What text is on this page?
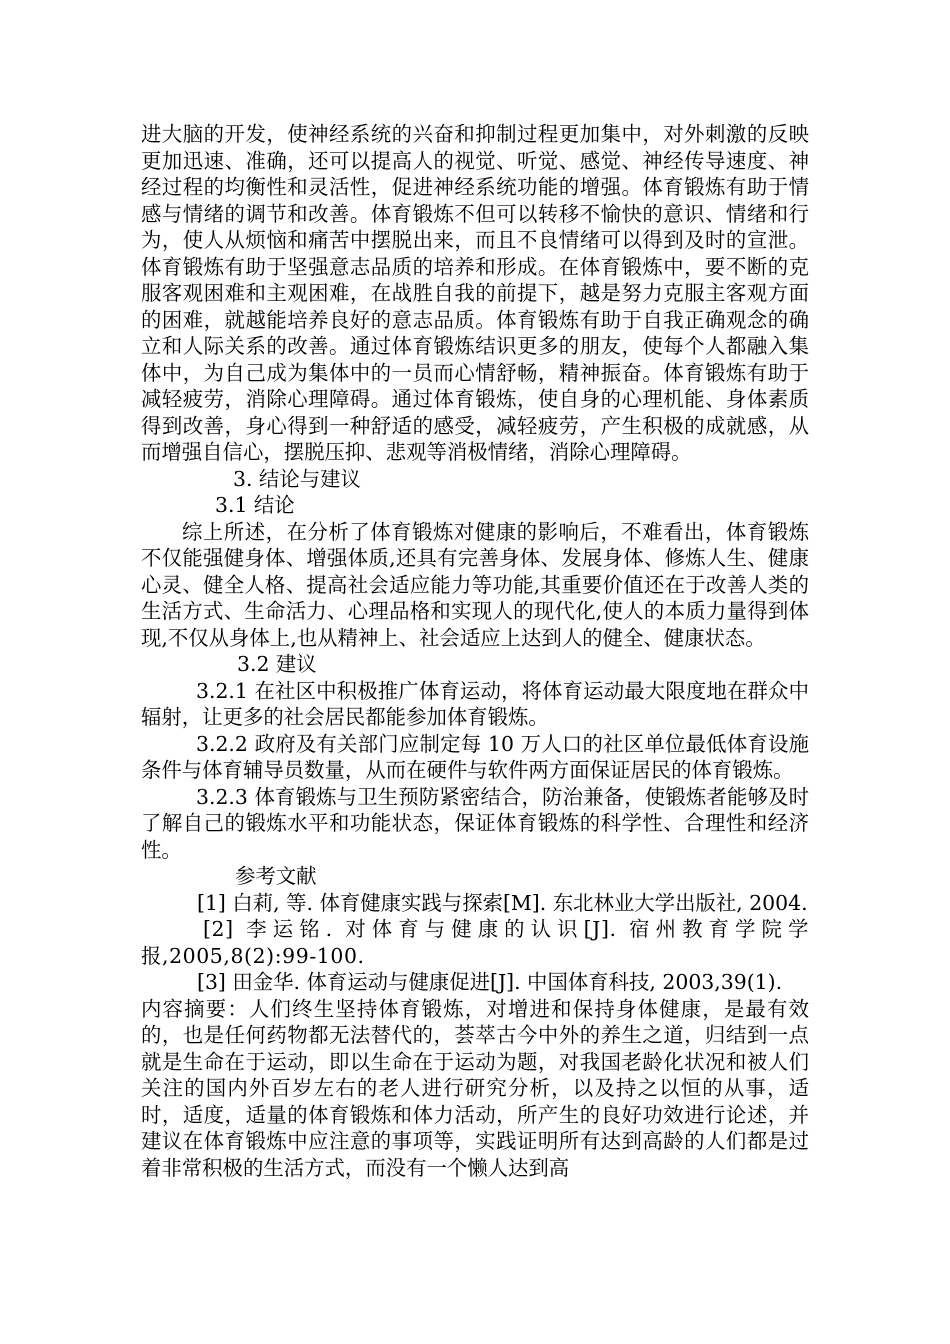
进大脑的开发，使神经系统的兴奋和抑制过程更加集中，对外刺激的反映更加迅速、准确，还可以提高人的视觉、听觉、感觉、神经传导速度、神经过程的均衡性和灵活性，促进神经系统功能的增强。体育锻炼有助于情感与情绪的调节和改善。体育锻炼不但可以转移不愉快的意识、情绪和行为，使人从烦恼和痛苦中摆脱出来，而且不良情绪可以得到及时的宣泄。体育锻炼有助于坚强意志品质的培养和形成。在体育锻炼中，要不断的克服客观困难和主观困难，在战胜自我的前提下，越是努力克服主客观方面的困难，就越能培养良好的意志品质。体育锻炼有助于自我正确观念的确立和人际关系的改善。通过体育锻炼结识更多的朋友，使每个人都融入集体中，为自己成为集体中的一员而心情舒畅，精神振奋。体育锻炼有助于减轻疲劳，消除心理障碍。通过体育锻炼，使自身的心理机能、身体素质得到改善，身心得到一种舒适的感受，减轻疲劳，产生积极的成就感，从而增强自信心，摆脱压抑、悲观等消极情绪，消除心理障碍。

3. 结论与建议

3.1 结论

综上所述，在分析了体育锻炼对健康的影响后，不难看出，体育锻炼不仅能强健身体、增强体质,还具有完善身体、发展身体、修炼人生、健康心灵、健全人格、提高社会适应能力等功能,其重要价值还在于改善人类的生活方式、生命活力、心理品格和实现人的现代化,使人的本质力量得到体现,不仅从身体上,也从精神上、社会适应上达到人的健全、健康状态。

3.2 建议

3.2.1 在社区中积极推广体育运动，将体育运动最大限度地在群众中辐射，让更多的社会居民都能参加体育锻炼。

3.2.2 政府及有关部门应制定每 10 万人口的社区单位最低体育设施条件与体育辅导员数量，从而在硬件与软件两方面保证居民的体育锻炼。

3.2.3 体育锻炼与卫生预防紧密结合，防治兼备，使锻炼者能够及时了解自己的锻炼水平和功能状态，保证体育锻炼的科学性、合理性和经济性。

参考文献

[1] 白莉, 等. 体育健康实践与探索[M]. 东北林业大学出版社, 2004.

[2] 李运铭. 对体育与健康的认识[J]. 宿州教育学院学报,2005,8(2):99-100.

[3] 田金华. 体育运动与健康促进[J]. 中国体育科技, 2003,39(1).

内容摘要：人们终生坚持体育锻炼，对增进和保持身体健康，是最有效的，也是任何药物都无法替代的，荟萃古今中外的养生之道，归结到一点就是生命在于运动，即以生命在于运动为题，对我国老龄化状况和被人们关注的国内外百岁左右的老人进行研究分析，以及持之以恒的从事，适时，适度，适量的体育锻炼和体力活动，所产生的良好功效进行论述，并建议在体育锻炼中应注意的事项等，实践证明所有达到高龄的人们都是过着非常积极的生活方式，而没有一个懒人达到高
